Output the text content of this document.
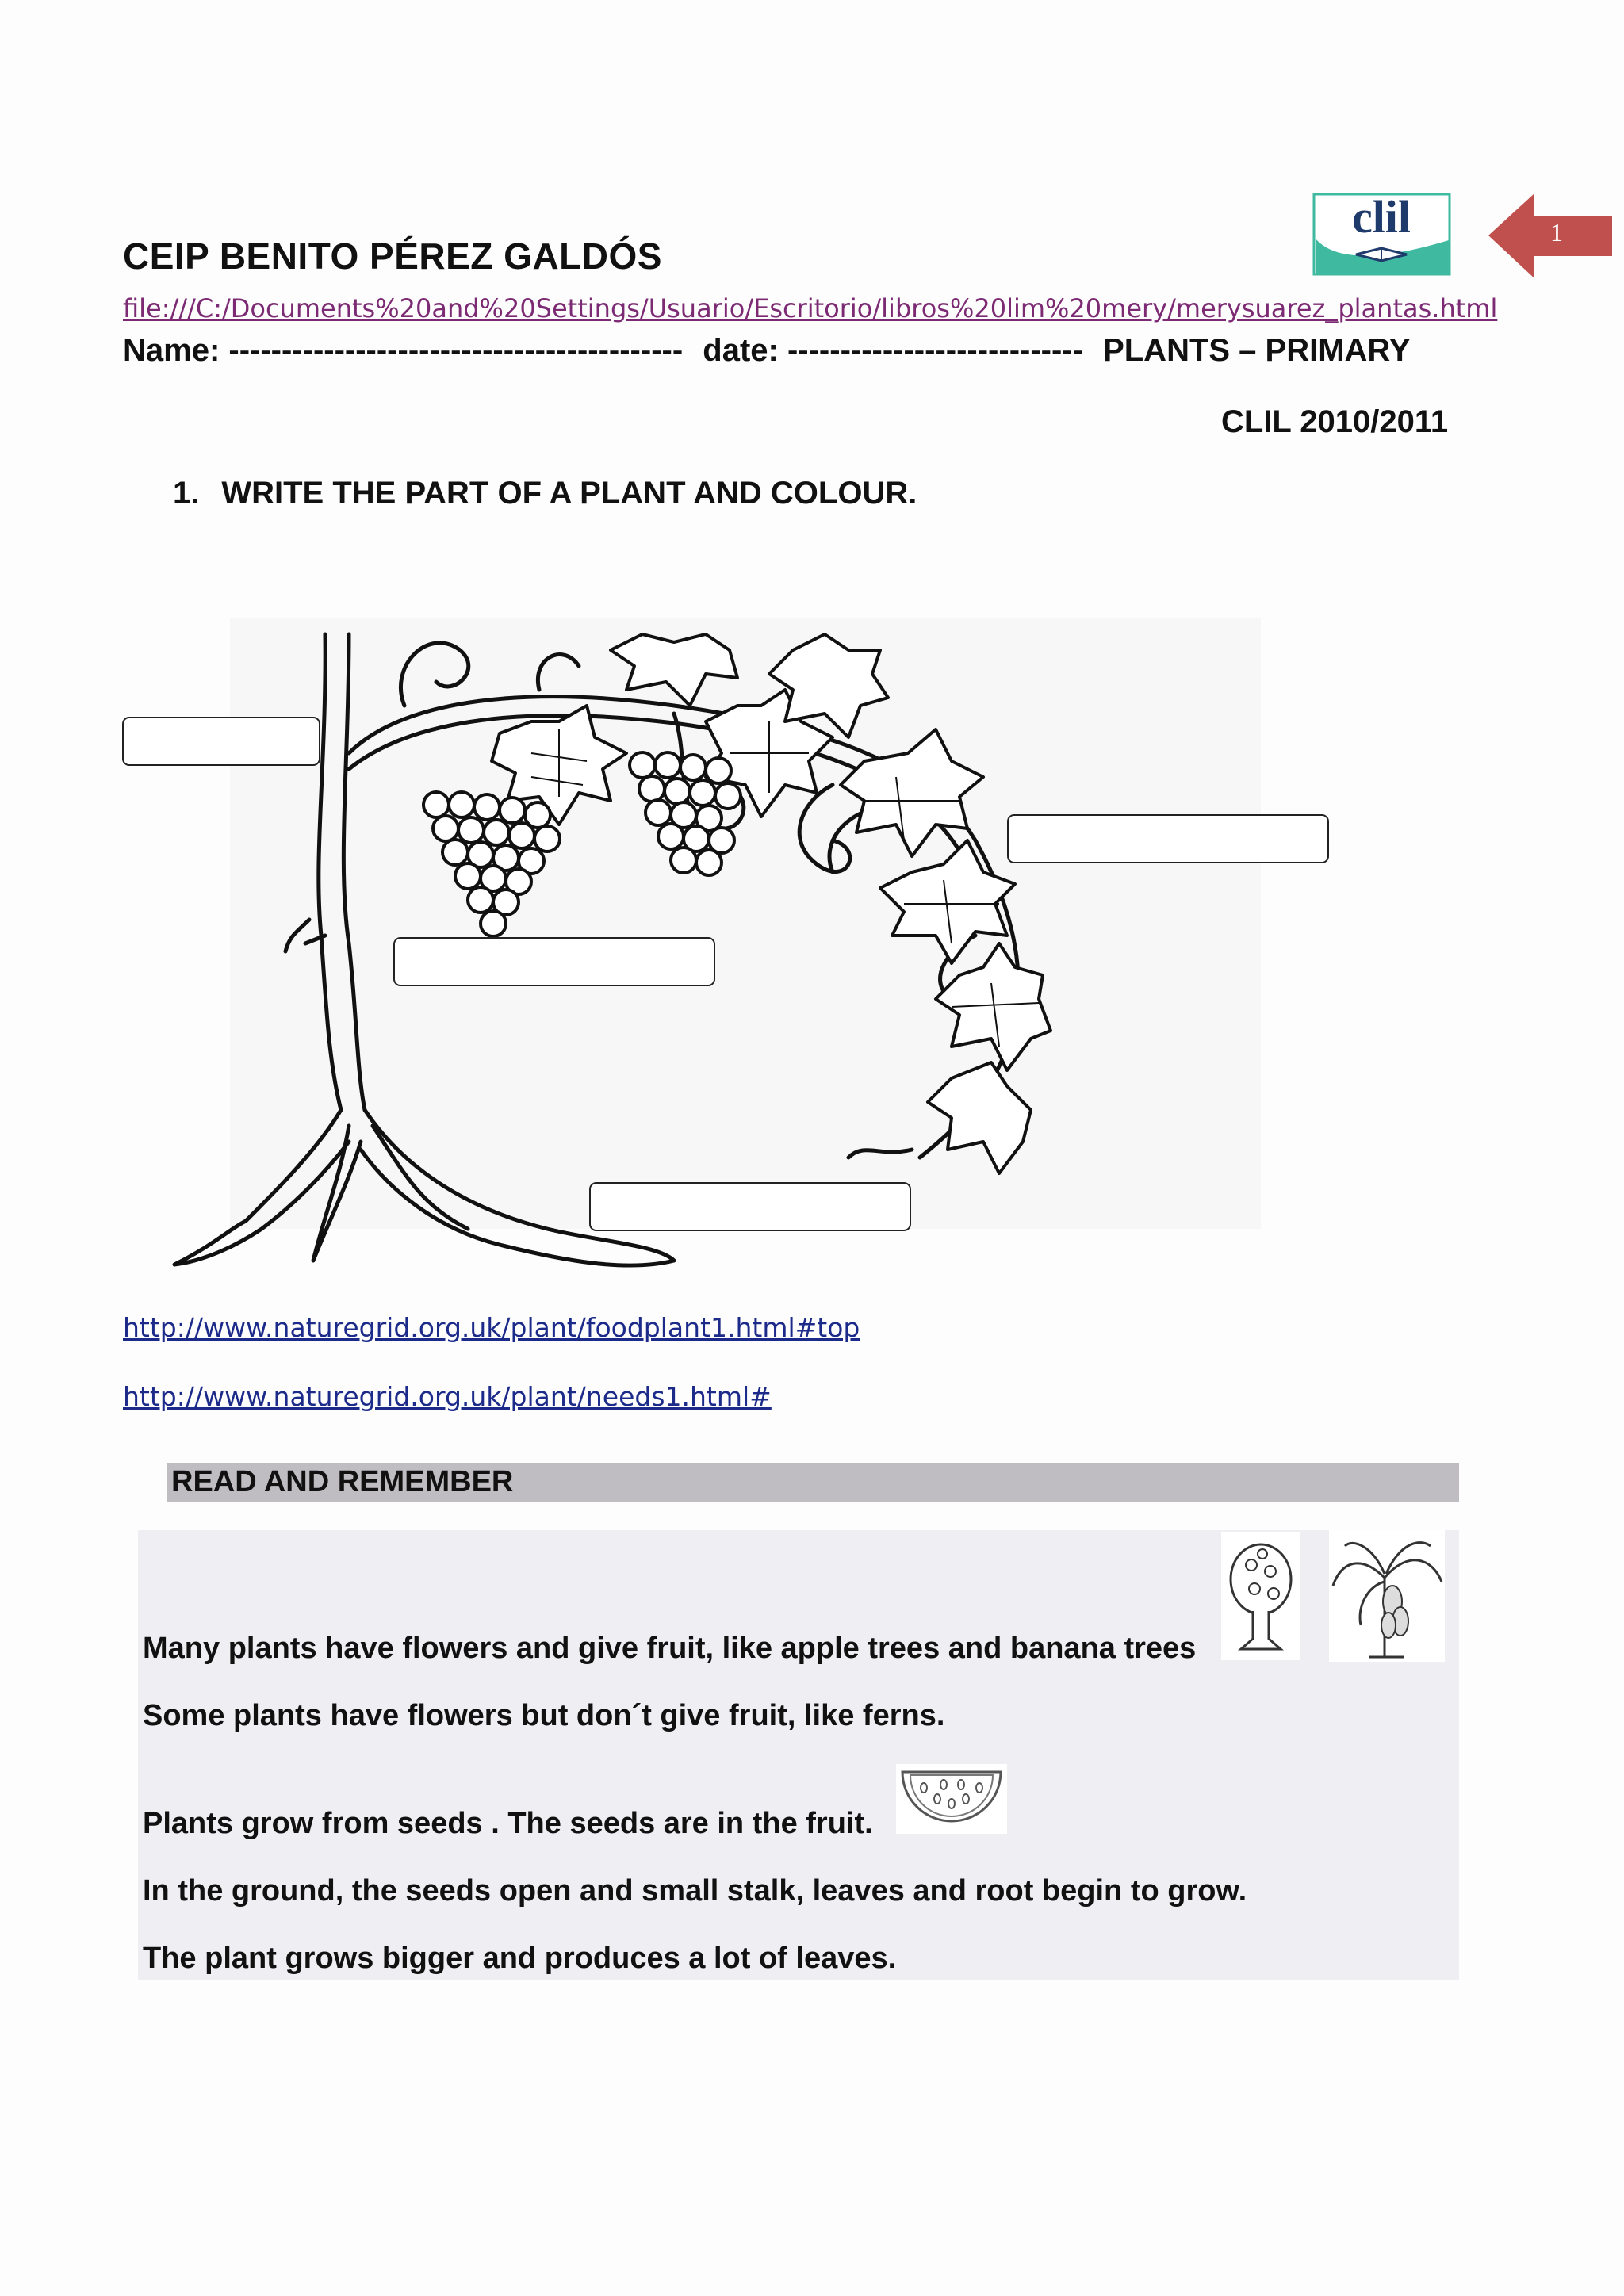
CEIP BENITO PÉREZ GALDÓS
file:///C:/Documents%20and%20Settings/Usuario/Escritorio/libros%20lim%20mery/merysuarez_plantas.html
Name: ------------------------------------------- date: ---------------------------- PLANTS – PRIMARY
CLIL 2010/2011
clil	1
1. WRITE THE PART OF A PLANT AND COLOUR.
http://www.naturegrid.org.uk/plant/foodplant1.html#top
http://www.naturegrid.org.uk/plant/needs1.html#
READ AND REMEMBER
Many plants have flowers and give fruit, like apple trees and banana trees
Some plants have flowers but don´t give fruit, like ferns.
Plants grow from seeds . The seeds are in the fruit.
In the ground, the seeds open and small stalk, leaves and root begin to grow.
The plant grows bigger and produces a lot of leaves.
